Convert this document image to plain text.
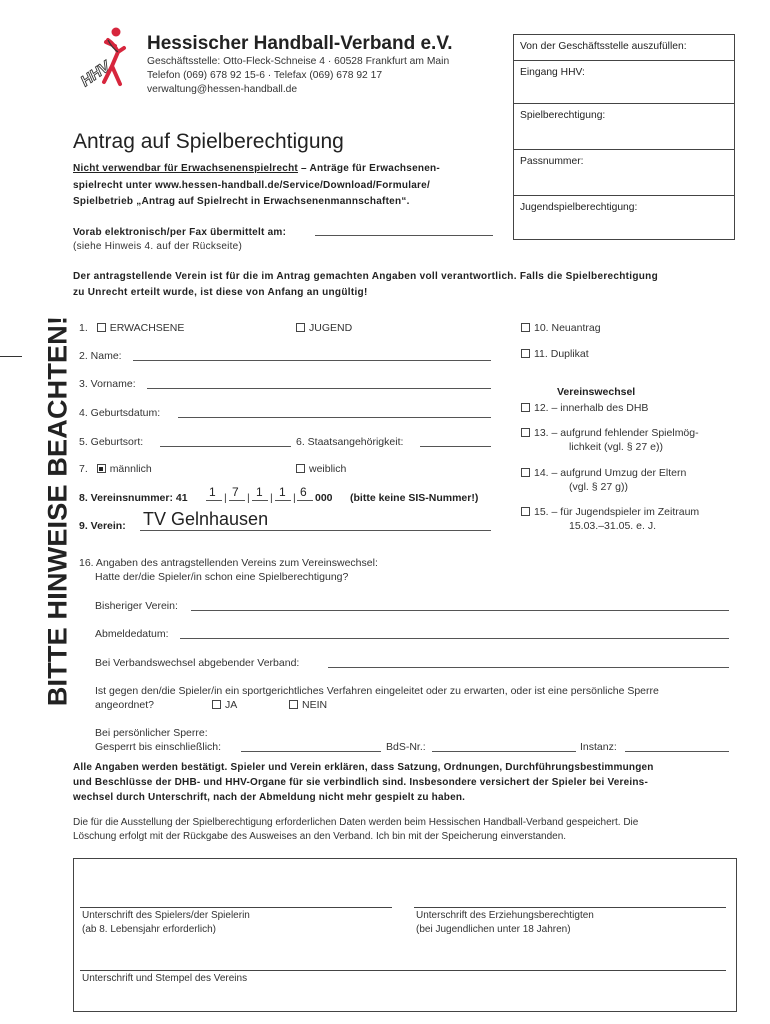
BITTE HINWEISE BEACHTEN!
HHV
Hessischer Handball-Verband e.V.
Geschäftsstelle: Otto-Fleck-Schneise 4 · 60528 Frankfurt am Main
Telefon (069) 678 92 15-6 · Telefax (069) 678 92 17
verwaltung@hessen-handball.de
Von der Geschäftsstelle auszufüllen:
Eingang HHV:
Spielberechtigung:
Passnummer:
Jugendspielberechtigung:
Antrag auf Spielberechtigung
Nicht verwendbar für Erwachsenenspielrecht – Anträge für Erwachsenen-
spielrecht unter www.hessen-handball.de/Service/Download/Formulare/
Spielbetrieb „Antrag auf Spielrecht in Erwachsenenmannschaften“.
Vorab elektronisch/per Fax übermittelt am:
(siehe Hinweis 4. auf der Rückseite)
Der antragstellende Verein ist für die im Antrag gemachten Angaben voll verantwortlich. Falls die Spielberechtigung
zu Unrecht erteilt wurde, ist diese von Anfang an ungültig!
1. ERWACHSENE	JUGEND
2. Name:
3. Vorname:
4. Geburtsdatum:
5. Geburtsort:	6. Staatsangehörigkeit:
7. männlich	weiblich
8. Vereinsnummer: 41 1 | 7 | 1 | 1 | 6 000 (bitte keine SIS-Nummer!)
9. Verein: TV Gelnhausen
10. Neuantrag
11. Duplikat
Vereinswechsel
12. – innerhalb des DHB
13. – aufgrund fehlender Spielmög-
lichkeit (vgl. § 27 e))
14. – aufgrund Umzug der Eltern
(vgl. § 27 g))
15. – für Jugendspieler im Zeitraum
15.03.–31.05. e. J.
16. Angaben des antragstellenden Vereins zum Vereinswechsel:
Hatte der/die Spieler/in schon eine Spielberechtigung?
Bisheriger Verein:
Abmeldedatum:
Bei Verbandswechsel abgebender Verband:
Ist gegen den/die Spieler/in ein sportgerichtliches Verfahren eingeleitet oder zu erwarten, oder ist eine persönliche Sperre
angeordnet?	JA	NEIN
Bei persönlicher Sperre:
Gesperrt bis einschließlich:	BdS-Nr.:	Instanz:
Alle Angaben werden bestätigt. Spieler und Verein erklären, dass Satzung, Ordnungen, Durchführungsbestimmungen
und Beschlüsse der DHB- und HHV-Organe für sie verbindlich sind. Insbesondere versichert der Spieler bei Vereins-
wechsel durch Unterschrift, nach der Abmeldung nicht mehr gespielt zu haben.
Die für die Ausstellung der Spielberechtigung erforderlichen Daten werden beim Hessischen Handball-Verband gespeichert. Die
Löschung erfolgt mit der Rückgabe des Ausweises an den Verband. Ich bin mit der Speicherung einverstanden.
Unterschrift des Spielers/der Spielerin
(ab 8. Lebensjahr erforderlich)
Unterschrift des Erziehungsberechtigten
(bei Jugendlichen unter 18 Jahren)
Unterschrift und Stempel des Vereins
